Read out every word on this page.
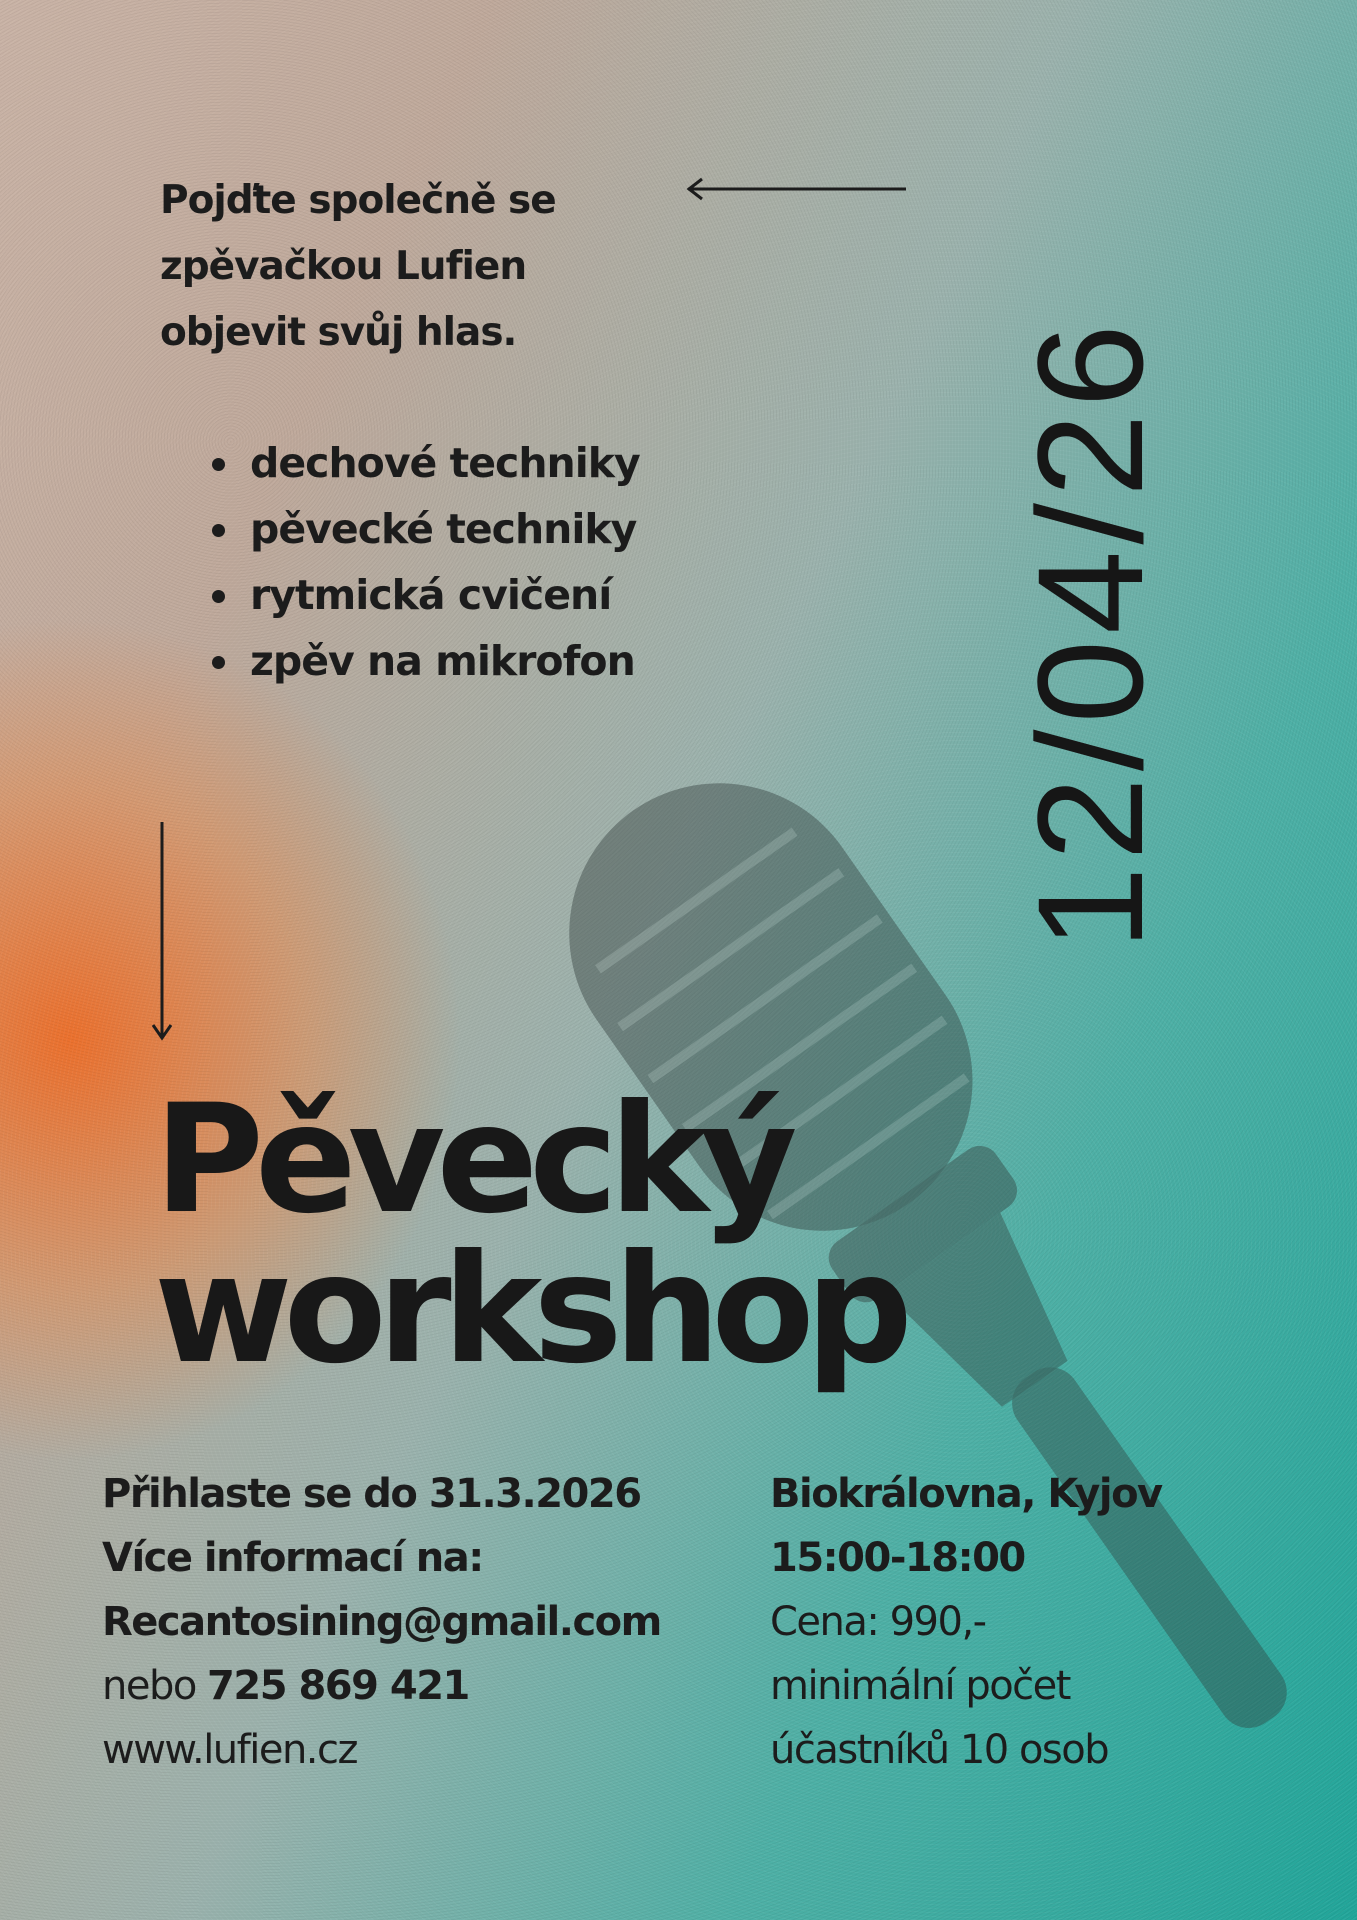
Pojďte společně se
zpěvačkou Lufien
objevit svůj hlas.
• dechové techniky
• pěvecké techniky
• rytmická cvičení
• zpěv na mikrofon 12/04/26
Pěvecký
workshop
Přihlaste se do 31.3.2026
Více informací na:
Recantosining@gmail.com
nebo 725 869 421
www.lufien.cz
Biokrálovna, Kyjov
15:00-18:00
Cena: 990,-
minimální počet
účastníků 10 osob
